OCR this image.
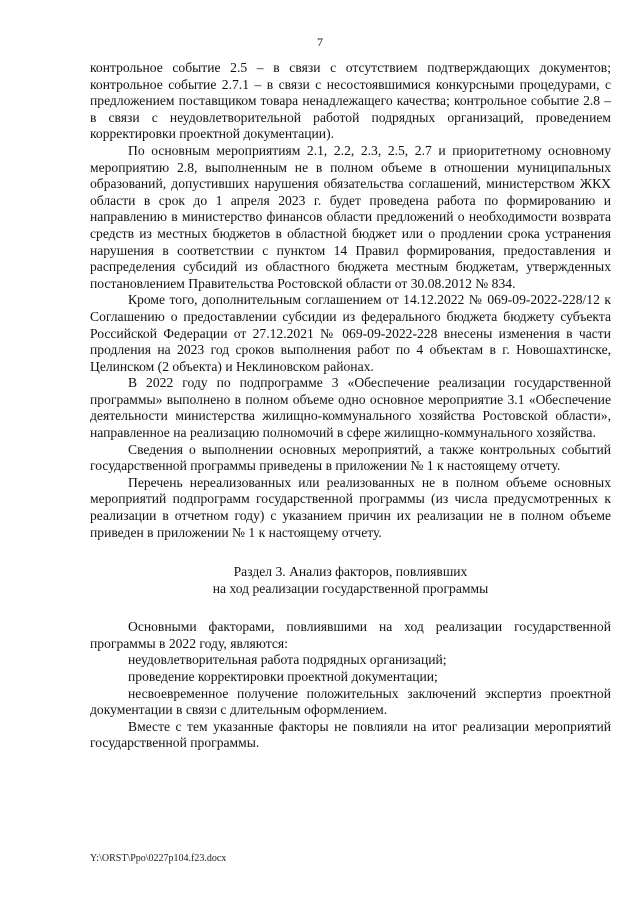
7

контрольное событие 2.5 – в связи с отсутствием подтверждающих документов; контрольное событие 2.7.1 – в связи с несостоявшимися конкурсными процедурами, с предложением поставщиком товара ненадлежащего качества; контрольное событие 2.8 – в связи с неудовлетворительной работой подрядных организаций, проведением корректировки проектной документации).

По основным мероприятиям 2.1, 2.2, 2.3, 2.5, 2.7 и приоритетному основному мероприятию 2.8, выполненным не в полном объеме в отношении муниципальных образований, допустивших нарушения обязательства соглашений, министерством ЖКХ области в срок до 1 апреля 2023 г. будет проведена работа по формированию и направлению в министерство финансов области предложений о необходимости возврата средств из местных бюджетов в областной бюджет или о продлении срока устранения нарушения в соответствии с пунктом 14 Правил формирования, предоставления и распределения субсидий из областного бюджета местным бюджетам, утвержденных постановлением Правительства Ростовской области от 30.08.2012 № 834.

Кроме того, дополнительным соглашением от 14.12.2022 № 069-09-2022-228/12 к Соглашению о предоставлении субсидии из федерального бюджета бюджету субъекта Российской Федерации от 27.12.2021 № 069-09-2022-228 внесены изменения в части продления на 2023 год сроков выполнения работ по 4 объектам в г. Новошахтинске, Целинском (2 объекта) и Неклиновском районах.

В 2022 году по подпрограмме 3 «Обеспечение реализации государственной программы» выполнено в полном объеме одно основное мероприятие 3.1 «Обеспечение деятельности министерства жилищно-коммунального хозяйства Ростовской области», направленное на реализацию полномочий в сфере жилищно-коммунального хозяйства.

Сведения о выполнении основных мероприятий, а также контрольных событий государственной программы приведены в приложении № 1 к настоящему отчету.

Перечень нереализованных или реализованных не в полном объеме основных мероприятий подпрограмм государственной программы (из числа предусмотренных к реализации в отчетном году) с указанием причин их реализации не в полном объеме приведен в приложении № 1 к настоящему отчету.

Раздел 3. Анализ факторов, повлиявших
на ход реализации государственной программы

Основными факторами, повлиявшими на ход реализации государственной программы в 2022 году, являются:

неудовлетворительная работа подрядных организаций;

проведение корректировки проектной документации;

несвоевременное получение положительных заключений экспертиз проектной документации в связи с длительным оформлением.

Вместе с тем указанные факторы не повлияли на итог реализации мероприятий государственной программы.

Y:\ORST\Ppo\0227p104.f23.docx
